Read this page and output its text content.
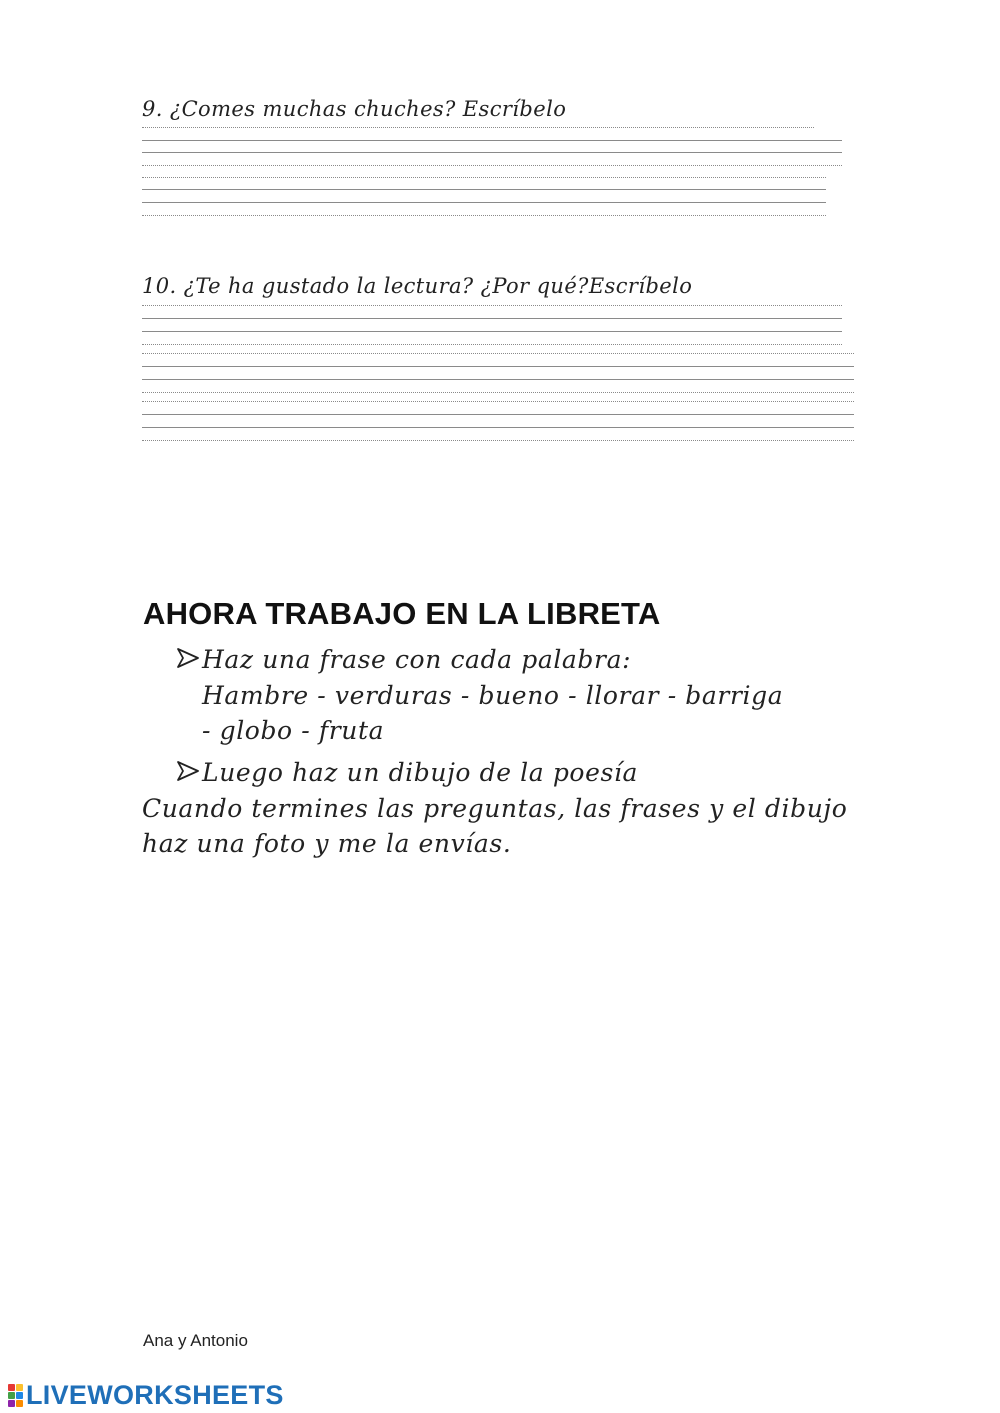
9. ¿Comes muchas chuches? Escríbelo
10. ¿Te ha gustado la lectura? ¿Por qué?Escríbelo
AHORA TRABAJO EN LA LIBRETA
Haz una frase con cada palabra:
Hambre - verduras - bueno - llorar - barriga
- globo - fruta
Luego haz un dibujo de la poesía
Cuando termines las preguntas, las frases y el dibujo
haz una foto y me la envías.
Ana y Antonio
LIVEWORKSHEETS
